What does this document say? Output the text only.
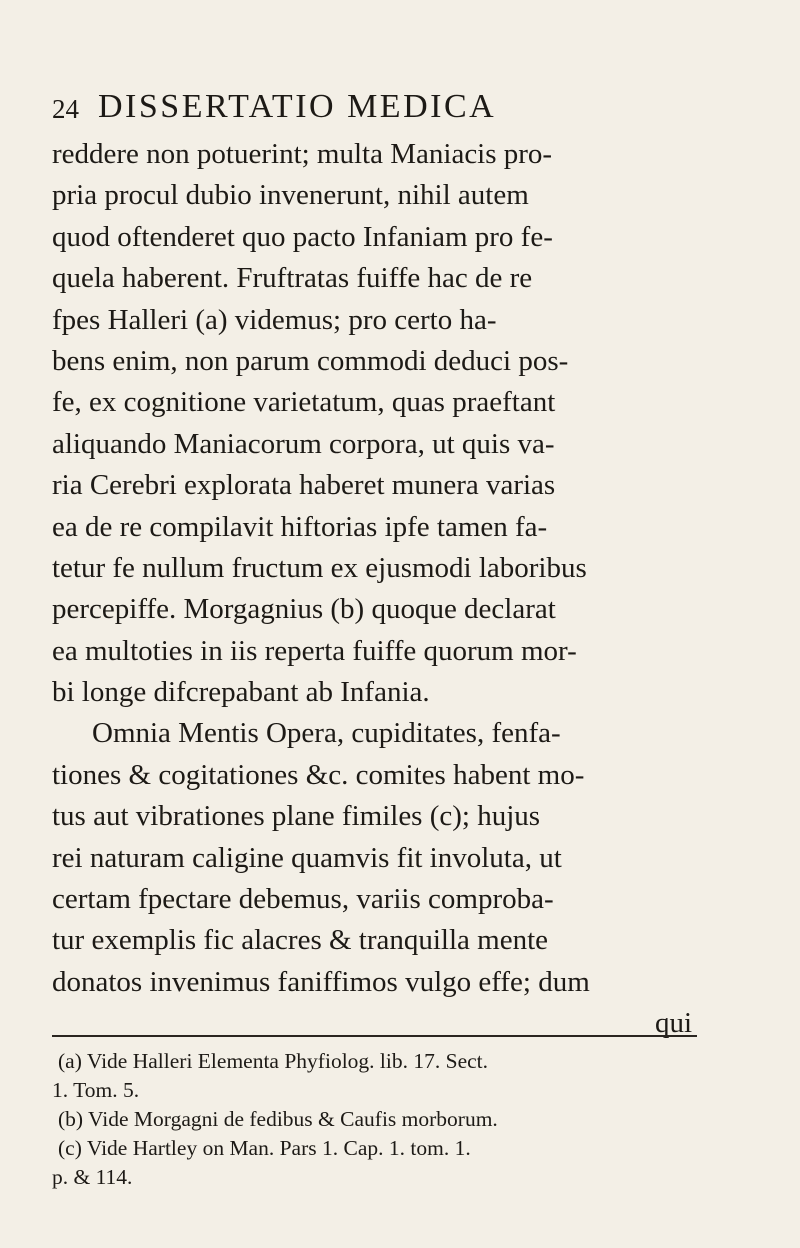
24 DISSERTATIO MEDICA
reddere non potuerint; multa Maniacis pro-
pria procul dubio invenerunt, nihil autem
quod oftenderet quo pacto Infaniam pro fe-
quela haberent. Fruftratas fuiffe hac de re
fpes Halleri (a) videmus; pro certo ha-
bens enim, non parum commodi deduci pos-
fe, ex cognitione varietatum, quas praeftant
aliquando Maniacorum corpora, ut quis va-
ria Cerebri explorata haberet munera varias
ea de re compilavit hiftorias ipfe tamen fa-
tetur fe nullum fructum ex ejusmodi laboribus
percepiffe. Morgagnius (b) quoque declarat
ea multoties in iis reperta fuiffe quorum mor-
bi longe difcrepabant ab Infania.
Omnia Mentis Opera, cupiditates, fenfa-
tiones & cogitationes &c. comites habent mo-
tus aut vibrationes plane fimiles (c); hujus
rei naturam caligine quamvis fit involuta, ut
certam fpectare debemus, variis comproba-
tur exemplis fic alacres & tranquilla mente
donatos invenimus faniffimos vulgo effe; dum
qui
(a) Vide Halleri Elementa Phyfiolog. lib. 17. Sect.
1. Tom. 5.
(b) Vide Morgagni de fedibus & Caufis morborum.
(c) Vide Hartley on Man. Pars 1. Cap. 1. tom. 1.
p. & 114.
